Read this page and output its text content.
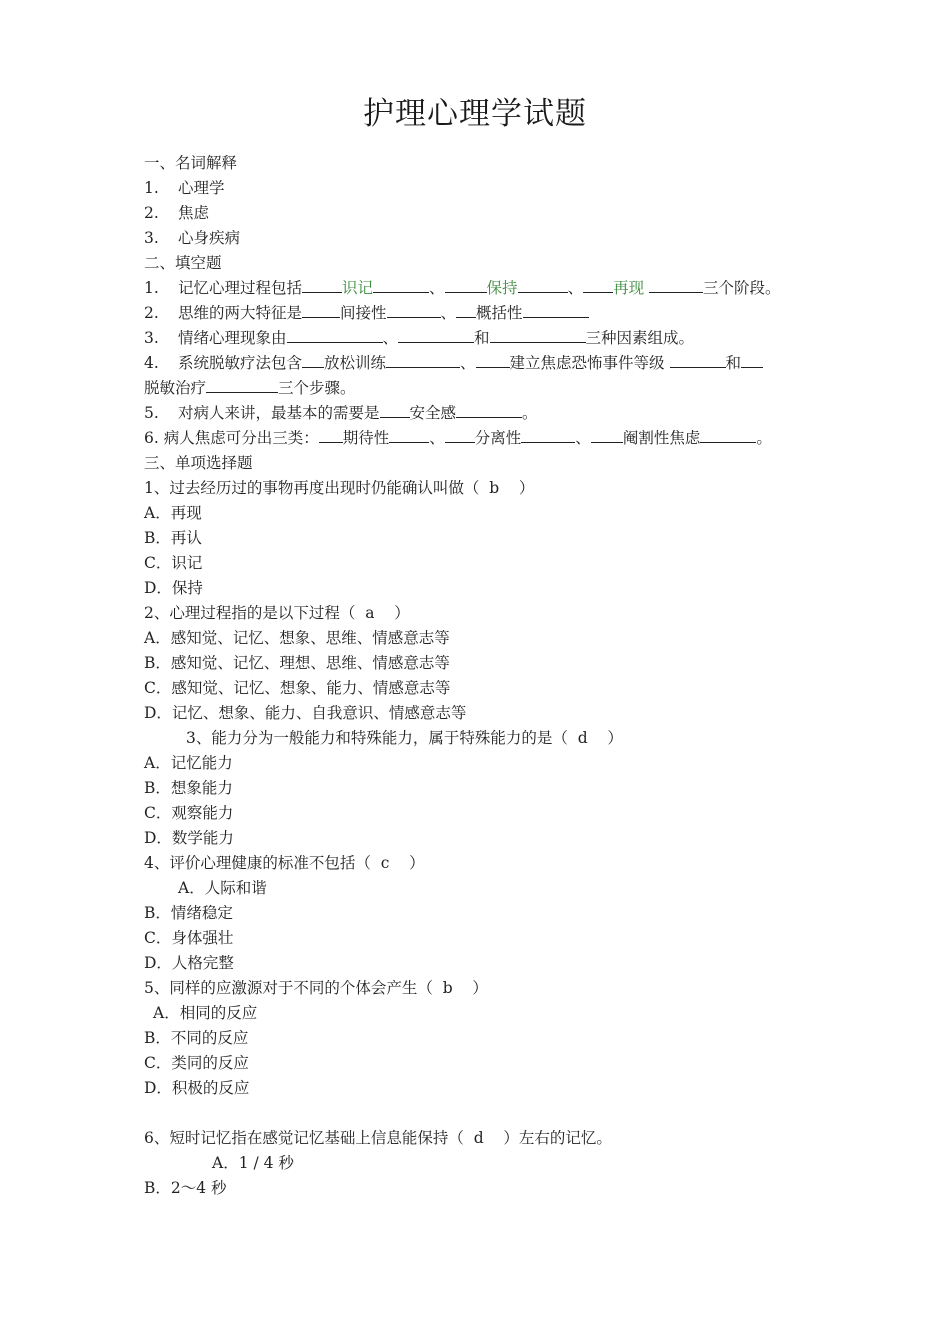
护理心理学试题
一、名词解释
1. 心理学
2. 焦虑
3. 心身疾病
二、填空题
1. 记忆心理过程包括	识记	、	保持	、 再现	三个阶段。
2. 思维的两大特征是 间接性	、 概括性
3. 情绪心理现象由	、	和	三种因素组成。
4. 系统脱敏疗法包含 放松训练	、 建立焦虑恐怖事件等级	和
脱敏治疗	三个步骤。
5. 对病人来讲，最基本的需要是 安全感	。
6. 病人焦虑可分出三类： 期待性	、 分离性	、 阉割性焦虑	。
三、单项选择题
1、过去经历过的事物再度出现时仍能确认叫做（ b ）
A．再现
B．再认
C．识记
D．保持
2、心理过程指的是以下过程（ a ）
A．感知觉、记忆、想象、思维、情感意志等
B．感知觉、记忆、理想、思维、情感意志等
C．感知觉、记忆、想象、能力、情感意志等
D．记忆、想象、能力、自我意识、情感意志等
3、能力分为一般能力和特殊能力，属于特殊能力的是（ d ）
A．记忆能力
B．想象能力
C．观察能力
D．数学能力
4、评价心理健康的标准不包括（ c ）
A．人际和谐
B．情绪稳定
C．身体强壮
D．人格完整
5、同样的应激源对于不同的个体会产生（ b ）
A．相同的反应
B．不同的反应
C．类同的反应
D．积极的反应
6、短时记忆指在感觉记忆基础上信息能保持（ d ）左右的记忆。
A．1 / 4 秒
B．2～4 秒
